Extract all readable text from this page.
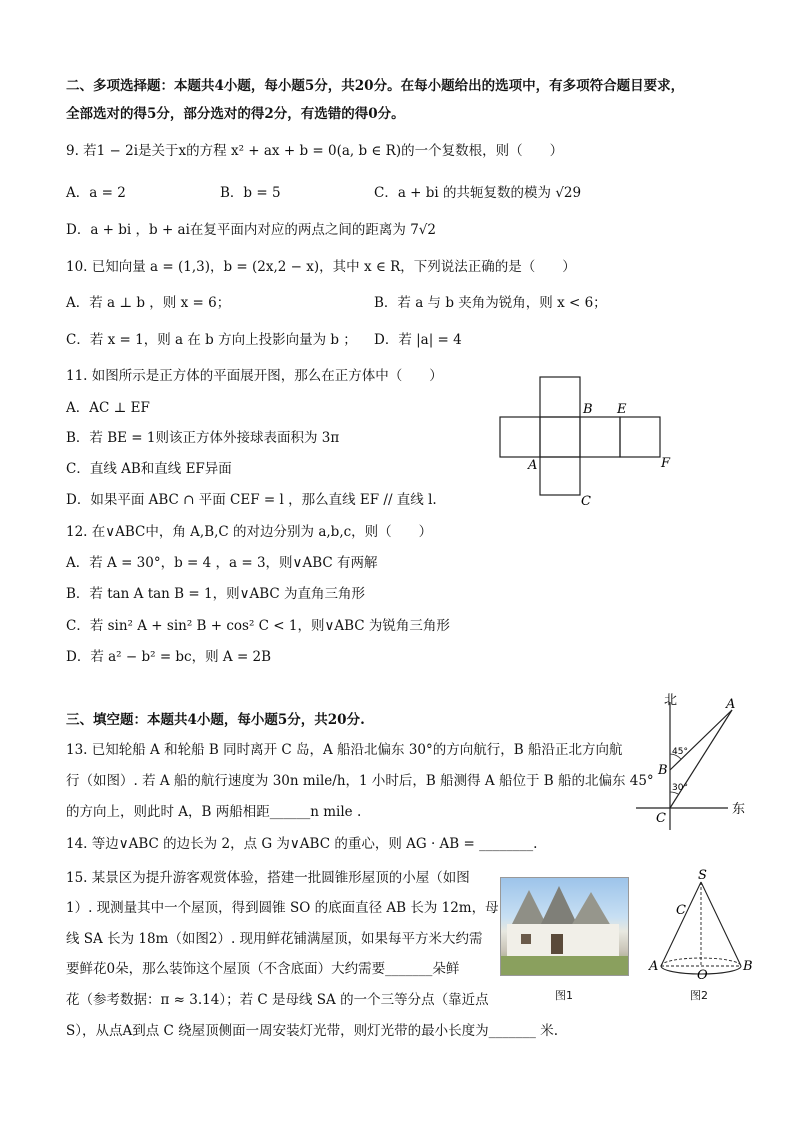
二、多项选择题：本题共4小题，每小题5分，共20分。在每小题给出的选项中，有多项符合题目要求，
全部选对的得5分，部分选对的得2分，有选错的得0分。
9. 若1 − 2i是关于x的方程 x² + ax + b = 0(a, b ∈ R)的一个复数根，则（　　）
A．a = 2	B．b = 5	C．a + bi 的共轭复数的模为 √29
D．a + bi ，b + ai在复平面内对应的两点之间的距离为 7√2
10. 已知向量 a = (1,3)，b = (2x,2 − x)，其中 x ∈ R，下列说法正确的是（　　）
A．若 a ⊥ b ，则 x = 6；	B．若 a 与 b 夹角为锐角，则 x < 6；
C．若 x = 1，则 a 在 b 方向上投影向量为 b ； D．若 |a| = 4
11. 如图所示是正方体的平面展开图，那么在正方体中（　　）
A．AC ⊥ EF
B．若 BE = 1则该正方体外接球表面积为 3π
C．直线 AB和直线 EF异面
D．如果平面 ABC ∩ 平面 CEF = l ，那么直线 EF // 直线 l.
B E
A	F
C
12. 在∨ABC中，角 A,B,C 的对边分别为 a,b,c，则（　　）
A．若 A = 30°，b = 4 ，a = 3，则∨ABC 有两解
B．若 tan A tan B = 1，则∨ABC 为直角三角形
C．若 sin² A + sin² B + cos² C < 1，则∨ABC 为锐角三角形
D．若 a² − b² = bc，则 A = 2B
三、填空题：本题共4小题，每小题5分，共20分.
13. 已知轮船 A 和轮船 B 同时离开 C 岛，A 船沿北偏东 30°的方向航行，B 船沿正北方向航
行（如图）. 若 A 船的航行速度为 30n mile/h，1 小时后，B 船测得 A 船位于 B 船的北偏东 45°
的方向上，则此时 A，B 两船相距______n mile .
北
东
A
B
C
45°
30°
14. 等边∨ABC 的边长为 2，点 G 为∨ABC 的重心，则 AG · AB = ________.
15. 某景区为提升游客观赏体验，搭建一批圆锥形屋顶的小屋（如图
1）. 现测量其中一个屋顶，得到圆锥 SO 的底面直径 AB 长为 12m，母
线 SA 长为 18m（如图2）. 现用鲜花铺满屋顶，如果每平方米大约需
要鲜花0朵，那么装饰这个屋顶（不含底面）大约需要_______朵鲜
花（参考数据：π ≈ 3.14）；若 C 是母线 SA 的一个三等分点（靠近点
S），从点A到点 C 绕屋顶侧面一周安装灯光带，则灯光带的最小长度为_______ 米.
图1
S
C
A
O
B
图2
